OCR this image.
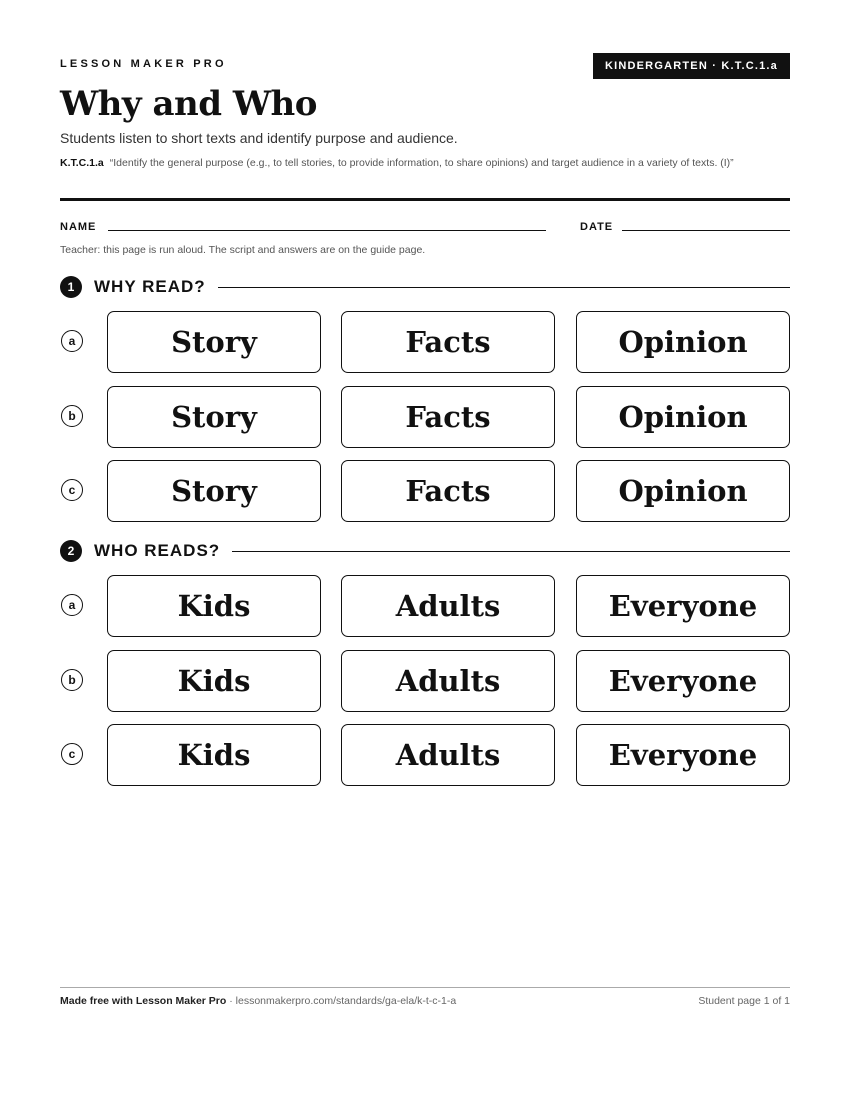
LESSON MAKER PRO	KINDERGARTEN · K.T.C.1.a
Why and Who
Students listen to short texts and identify purpose and audience.
K.T.C.1.a “Identify the general purpose (e.g., to tell stories, to provide information, to share opinions) and target audience in a variety of texts. (I)”
NAME	DATE
Teacher: this page is run aloud. The script and answers are on the guide page.
1	WHY READ?
a	Story	Facts	Opinion
b	Story	Facts	Opinion
c	Story	Facts	Opinion
2	WHO READS?
a	Kids	Adults	Everyone
b	Kids	Adults	Everyone
c	Kids	Adults	Everyone
Made free with Lesson Maker Pro · lessonmakerpro.com/standards/ga-ela/k-t-c-1-a	Student page 1 of 1
